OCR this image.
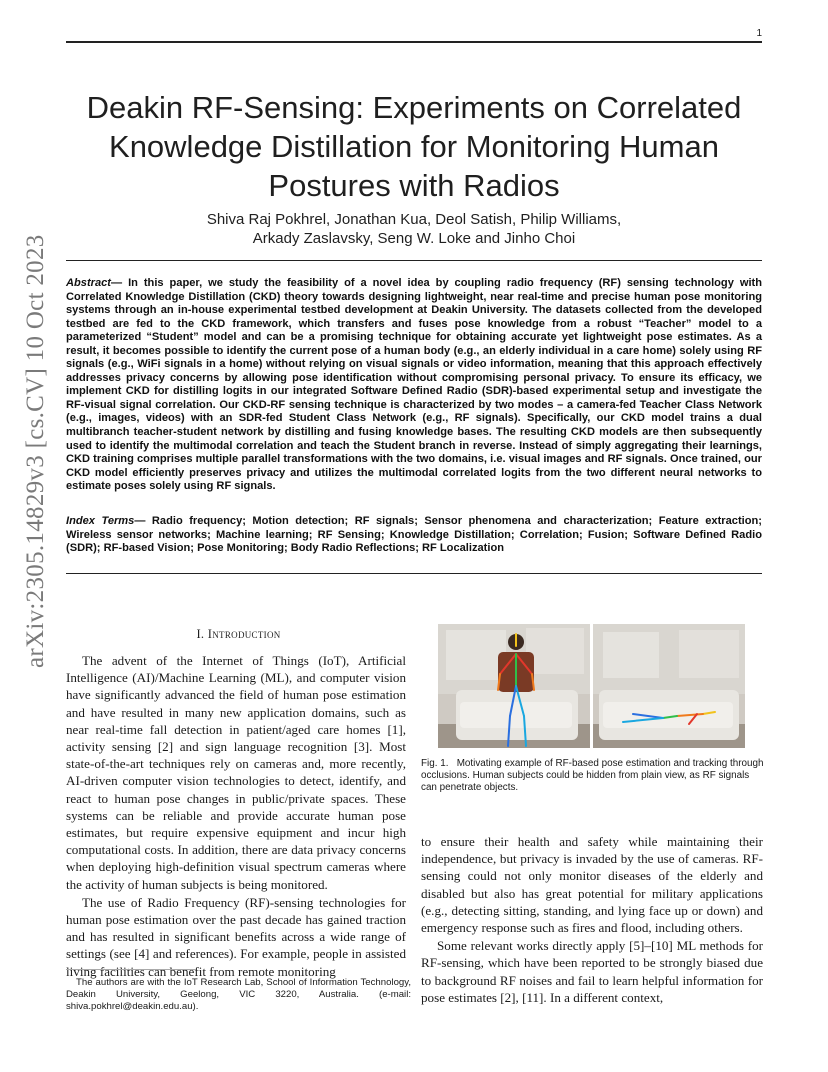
1
arXiv:2305.14829v3 [cs.CV] 10 Oct 2023
Deakin RF-Sensing: Experiments on Correlated Knowledge Distillation for Monitoring Human Postures with Radios
Shiva Raj Pokhrel, Jonathan Kua, Deol Satish, Philip Williams,
Arkady Zaslavsky, Seng W. Loke and Jinho Choi
Abstract— In this paper, we study the feasibility of a novel idea by coupling radio frequency (RF) sensing technology with Correlated Knowledge Distillation (CKD) theory towards designing lightweight, near real-time and precise human pose monitoring systems through an in-house experimental testbed development at Deakin University. The datasets collected from the developed testbed are fed to the CKD framework, which transfers and fuses pose knowledge from a robust “Teacher” model to a parameterized “Student” model and can be a promising technique for obtaining accurate yet lightweight pose estimates. As a result, it becomes possible to identify the current pose of a human body (e.g., an elderly individual in a care home) solely using RF signals (e.g., WiFi signals in a home) without relying on visual signals or video information, meaning that this approach effectively addresses privacy concerns by allowing pose identification without compromising personal privacy. To ensure its efficacy, we implement CKD for distilling logits in our integrated Software Defined Radio (SDR)-based experimental setup and investigate the RF-visual signal correlation. Our CKD-RF sensing technique is characterized by two modes – a camera-fed Teacher Class Network (e.g., images, videos) with an SDR-fed Student Class Network (e.g., RF signals). Specifically, our CKD model trains a dual multibranch teacher-student network by distilling and fusing knowledge bases. The resulting CKD models are then subsequently used to identify the multimodal correlation and teach the Student branch in reverse. Instead of simply aggregating their learnings, CKD training comprises multiple parallel transformations with the two domains, i.e. visual images and RF signals. Once trained, our CKD model efficiently preserves privacy and utilizes the multimodal correlated logits from the two different neural networks to estimate poses solely using RF signals.
Index Terms— Radio frequency; Motion detection; RF signals; Sensor phenomena and characterization; Feature extraction; Wireless sensor networks; Machine learning; RF Sensing; Knowledge Distillation; Correlation; Fusion; Software Defined Radio (SDR); RF-based Vision; Pose Monitoring; Body Radio Reflections; RF Localization
I. Introduction

The advent of the Internet of Things (IoT), Artificial Intelligence (AI)/Machine Learning (ML), and computer vision have significantly advanced the field of human pose estimation and have resulted in many new application domains, such as near real-time fall detection in patient/aged care homes [1], activity sensing [2] and sign language recognition [3]. Most state-of-the-art techniques rely on cameras and, more recently, AI-driven computer vision technologies to detect, identify, and react to human pose changes in public/private spaces. These systems can be reliable and provide accurate human pose estimates, but require expensive equipment and incur high computational costs. In addition, there are data privacy concerns when deploying high-definition visual spectrum cameras where the activity of human subjects is being monitored.

The use of Radio Frequency (RF)-sensing technologies for human pose estimation over the past decade has gained traction and has resulted in significant benefits across a wide range of settings (see [4] and references). For example, people in assisted living facilities can benefit from remote monitoring

The authors are with the IoT Research Lab, School of Information Technology, Deakin University, Geelong, VIC 3220, Australia. (e-mail: shiva.pokhrel@deakin.edu.au).
Fig. 1. Motivating example of RF-based pose estimation and tracking through occlusions. Human subjects could be hidden from plain view, as RF signals can penetrate objects.

to ensure their health and safety while maintaining their independence, but privacy is invaded by the use of cameras. RF-sensing could not only monitor diseases of the elderly and disabled but also has great potential for military applications (e.g., detecting sitting, standing, and lying face up or down) and emergency response such as fires and flood, including others.

Some relevant works directly apply [5]–[10] ML methods for RF-sensing, which have been reported to be strongly biased due to background RF noises and fail to learn helpful information for pose estimates [2], [11]. In a different context,
